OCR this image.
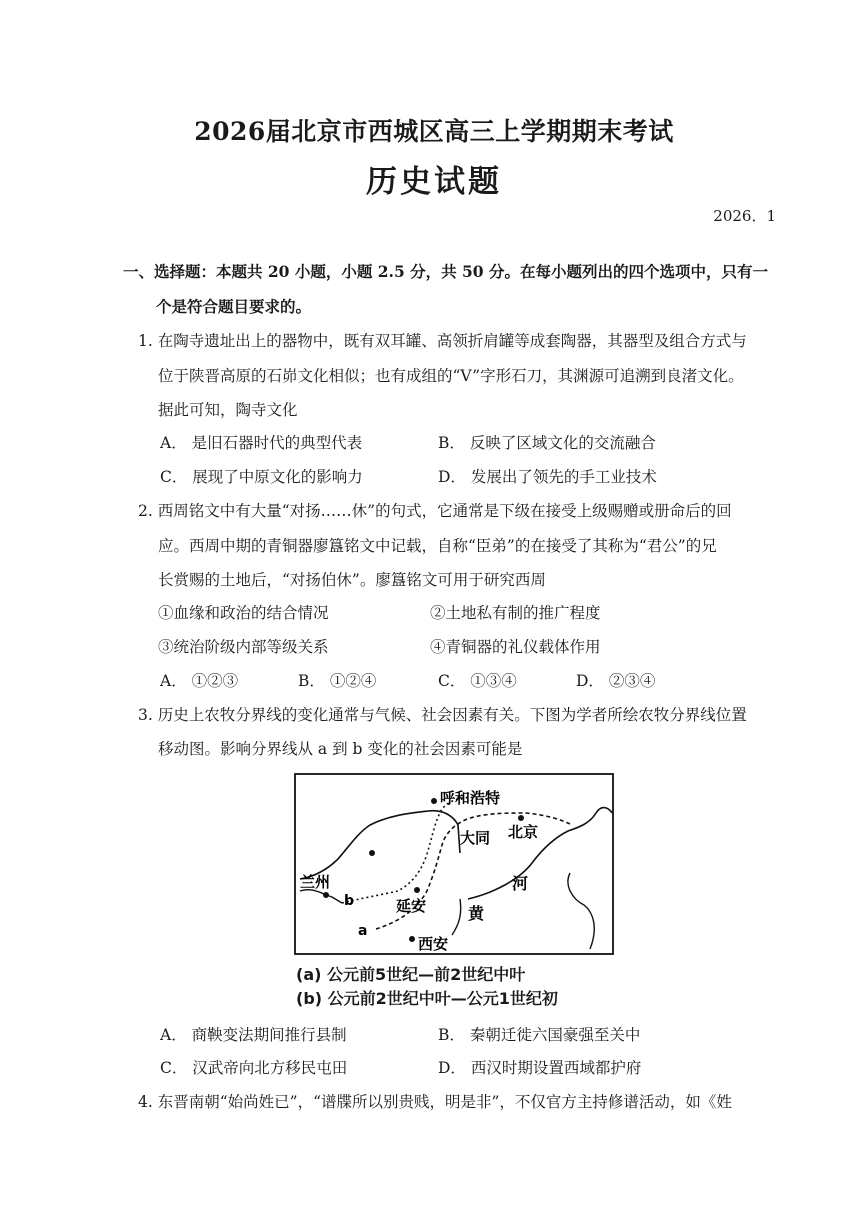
2026届北京市西城区高三上学期期末考试
历史试题
2026．1
一、选择题：本题共 20 小题，小题 2.5 分，共 50 分。在每小题列出的四个选项中，只有一
个是符合题目要求的。
1. 在陶寺遗址出上的器物中，既有双耳罐、高领折肩罐等成套陶器，其器型及组合方式与
位于陕晋高原的石峁文化相似；也有成组的“V”字形石刀，其渊源可追溯到良渚文化。
据此可知，陶寺文化
A． 是旧石器时代的典型代表	B． 反映了区域文化的交流融合
C． 展现了中原文化的影响力	D． 发展出了领先的手工业技术
2. 西周铭文中有大量“对扬……休”的句式，它通常是下级在接受上级赐赠或册命后的回
应。西周中期的青铜器廖簋铭文中记载，自称“臣弟”的在接受了其称为“君公”的兄
长赏赐的土地后，“对扬伯休”。廖簋铭文可用于研究西周
①血缘和政治的结合情况	②土地私有制的推广程度
③统治阶级内部等级关系	④青铜器的礼仪载体作用
A． ①②③	B． ①②④	C． ①③④	D． ②③④
3. 历史上农牧分界线的变化通常与气候、社会因素有关。下图为学者所绘农牧分界线位置
移动图。影响分界线从 a 到 b 变化的社会因素可能是
呼和浩特
大同 北京
兰州
b	延安
河
黄
a
西安
(a) 公元前5世纪—前2世纪中叶
(b) 公元前2世纪中叶—公元1世纪初
A． 商鞅变法期间推行县制	B． 秦朝迁徙六国豪强至关中
C． 汉武帝向北方移民屯田	D． 西汉时期设置西域都护府
4. 东晋南朝“始尚姓已”，“谱牒所以别贵贱，明是非”，不仅官方主持修谱活动，如《姓
